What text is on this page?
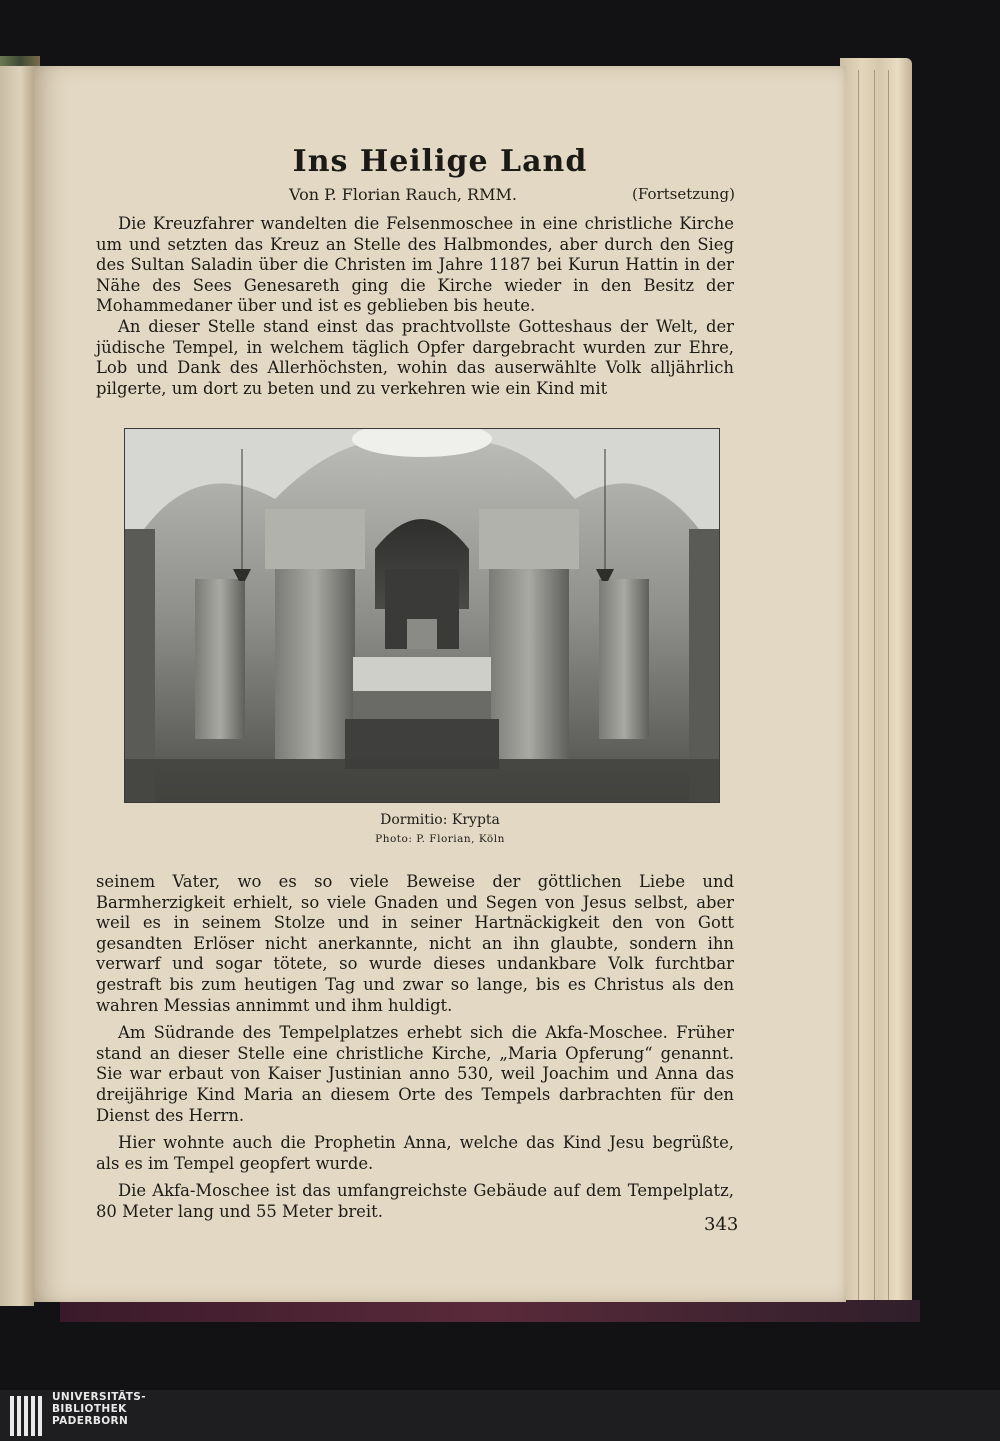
Ins Heilige Land
Von P. Florian Rauch, RMM.	(Fortsetzung)

Die Kreuzfahrer wandelten die Felsenmoschee in eine christliche Kirche um und setzten das Kreuz an Stelle des Halbmondes, aber durch den Sieg des Sultan Saladin über die Christen im Jahre 1187 bei Kurun Hattin in der Nähe des Sees Genesareth ging die Kirche wieder in den Besitz der Mohammedaner über und ist es geblieben bis heute.

An dieser Stelle stand einst das prachtvollste Gotteshaus der Welt, der jüdische Tempel, in welchem täglich Opfer dargebracht wurden zur Ehre, Lob und Dank des Allerhöchsten, wohin das auserwählte Volk alljährlich pilgerte, um dort zu beten und zu verkehren wie ein Kind mit

Dormitio: Krypta
Photo: P. Florian, Köln

seinem Vater, wo es so viele Beweise der göttlichen Liebe und Barmherzigkeit erhielt, so viele Gnaden und Segen von Jesus selbst, aber weil es in seinem Stolze und in seiner Hartnäckigkeit den von Gott gesandten Erlöser nicht anerkannte, nicht an ihn glaubte, sondern ihn verwarf und sogar tötete, so wurde dieses undankbare Volk furchtbar gestraft bis zum heutigen Tag und zwar so lange, bis es Christus als den wahren Messias annimmt und ihm huldigt.

Am Südrande des Tempelplatzes erhebt sich die Akfa-Moschee. Früher stand an dieser Stelle eine christliche Kirche, „Maria Opferung“ genannt. Sie war erbaut von Kaiser Justinian anno 530, weil Joachim und Anna das dreijährige Kind Maria an diesem Orte des Tempels darbrachten für den Dienst des Herrn.

Hier wohnte auch die Prophetin Anna, welche das Kind Jesu begrüßte, als es im Tempel geopfert wurde.

Die Akfa-Moschee ist das umfangreichste Gebäude auf dem Tempelplatz, 80 Meter lang und 55 Meter breit.

343
UNIVERSITÄTS-
BIBLIOTHEK
PADERBORN
